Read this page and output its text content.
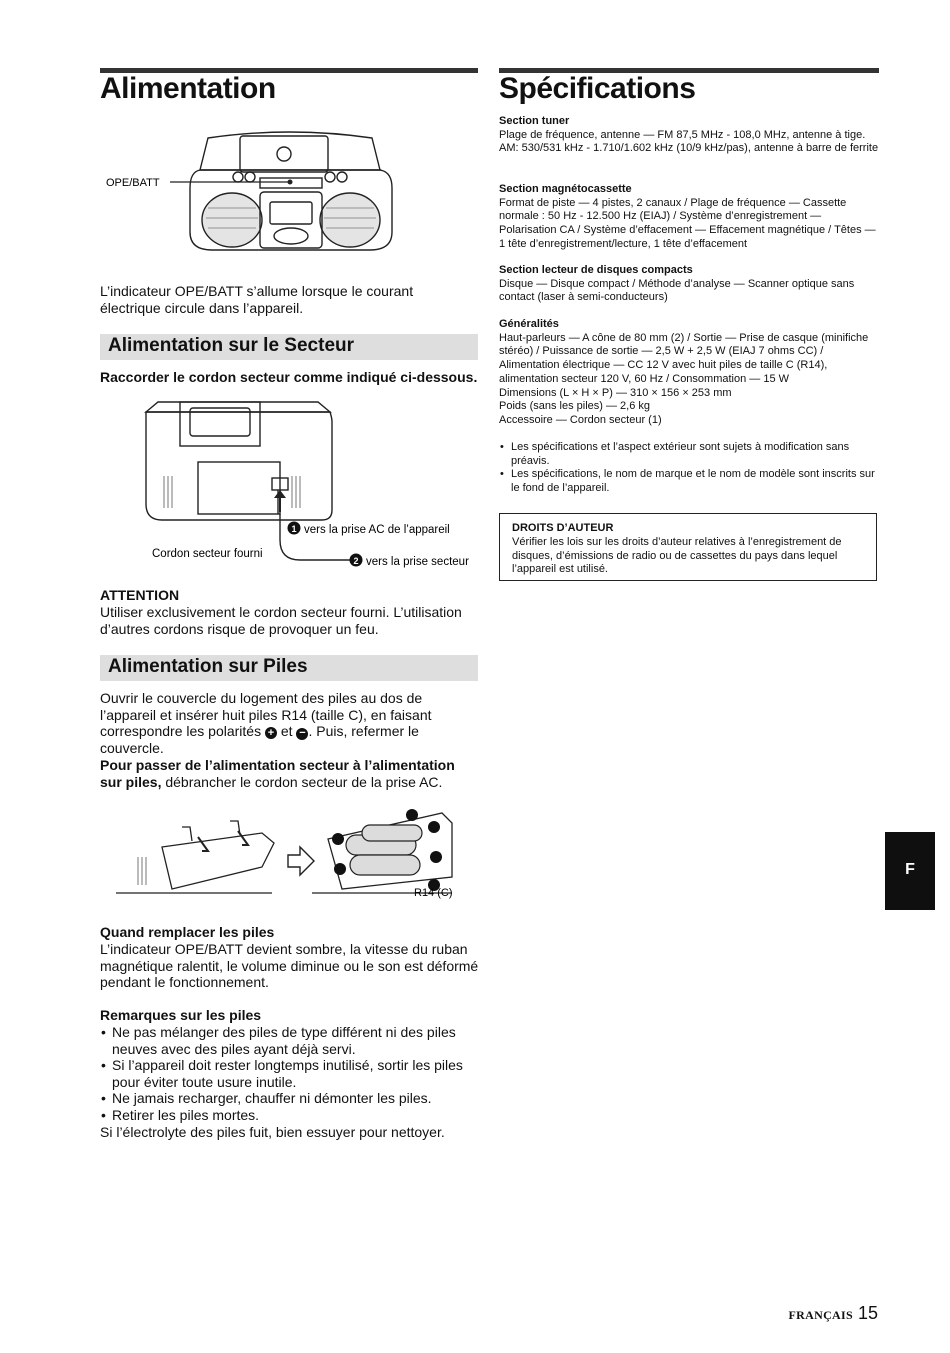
Alimentation
OPE/BATT

L’indicateur OPE/BATT s’allume lorsque le courant électrique circule dans l’appareil.

Alimentation sur le Secteur

Raccorder le cordon secteur comme indiqué ci-dessous.

1 vers la prise AC de l’appareil
2 vers la prise secteur
Cordon secteur fourni

ATTENTION

Utiliser exclusivement le cordon secteur fourni. L’utilisation d’autres cordons risque de provoquer un feu.

Alimentation sur Piles

Ouvrir le couvercle du logement des piles au dos de l’appareil et insérer huit piles R14 (taille C), en faisant correspondre les polarités + et − . Puis, refermer le couvercle.

Pour passer de l’alimentation secteur à l’alimentation sur piles, débrancher le cordon secteur de la prise AC.

R14 (C)

Quand remplacer les piles

L’indicateur OPE/BATT devient sombre, la vitesse du ruban magnétique ralentit, le volume diminue ou le son est déformé pendant le fonctionnement.

Remarques sur les piles

• Ne pas mélanger des piles de type différent ni des piles neuves avec des piles ayant déjà servi.
• Si l’appareil doit rester longtemps inutilisé, sortir les piles pour éviter toute usure inutile.
• Ne jamais recharger, chauffer ni démonter les piles.
• Retirer les piles mortes.

Si l’électrolyte des piles fuit, bien essuyer pour nettoyer.

Spécifications

Section tuner

Plage de fréquence, antenne — FM 87,5 MHz - 108,0 MHz, antenne à tige. AM: 530/531 kHz - 1.710/1.602 kHz (10/9 kHz/pas), antenne à barre de ferrite

Section magnétocassette

Format de piste — 4 pistes, 2 canaux / Plage de fréquence — Cassette normale : 50 Hz - 12.500 Hz (EIAJ) / Système d’enregistrement — Polarisation CA / Système d’effacement — Effacement magnétique / Têtes — 1 tête d’enregistrement/lecture, 1 tête d’effacement

Section lecteur de disques compacts

Disque — Disque compact / Méthode d’analyse — Scanner optique sans contact (laser à semi-conducteurs)

Généralités

Haut-parleurs — A cône de 80 mm (2) / Sortie — Prise de casque (minifiche stéréo) / Puissance de sortie — 2,5 W + 2,5 W (EIAJ 7 ohms CC) / Alimentation électrique — CC 12 V avec huit piles de taille C (R14), alimentation secteur 120 V, 60 Hz / Consommation — 15 W

Dimensions (L × H × P) — 310 × 156 × 253 mm

Poids (sans les piles) — 2,6 kg

Accessoire — Cordon secteur (1)

• Les spécifications et l’aspect extérieur sont sujets à modification sans préavis.
• Les spécifications, le nom de marque et le nom de modèle sont inscrits sur le fond de l’appareil.

DROITS D’AUTEUR

Vérifier les lois sur les droits d’auteur relatives à l’enregistrement de disques, d’émissions de radio ou de cassettes du pays dans lequel l’appareil est utilisé.

F
FRANÇAIS 15
